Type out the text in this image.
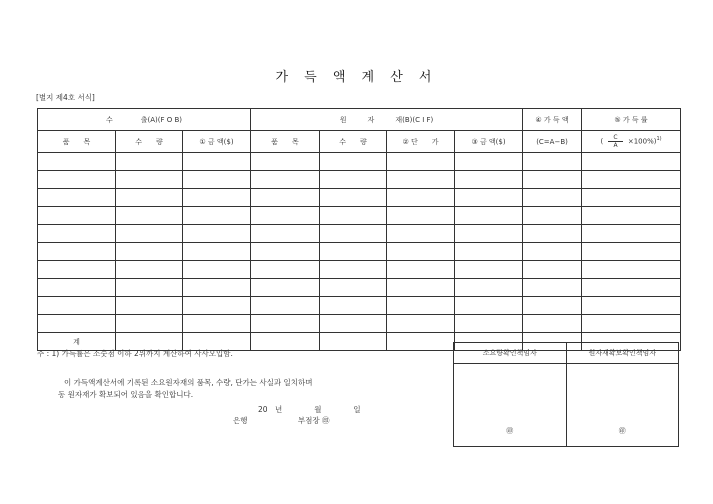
가 득 액 계 산 서
[별지 제4호 서식]
수　　　　출(A)(F O B)			원　　　자　　　재(B)(C I F)				④ 가 득 액	⑤ 가 득 률
품　　목	수　　량	① 금 액($)	품　　목	수　　량	② 단　　가	③ 금 액($)	(C=A−B)	( $\frac{C}{A} \times 100\%)^{1)}$

계								
주 : 1) 가득률은 소숫점 이하 2위까지 계산하여 사사오입함.
이 가득액계산서에 기록된 소요원자재의 품목, 수량, 단가는 사실과 일치하며
동 원자재가 확보되어 있음을 확인합니다.
20　년	월	일
은행	부점장 ㊞
소요량확인책임자	원자재확보확인책임자
㊞	㊞
